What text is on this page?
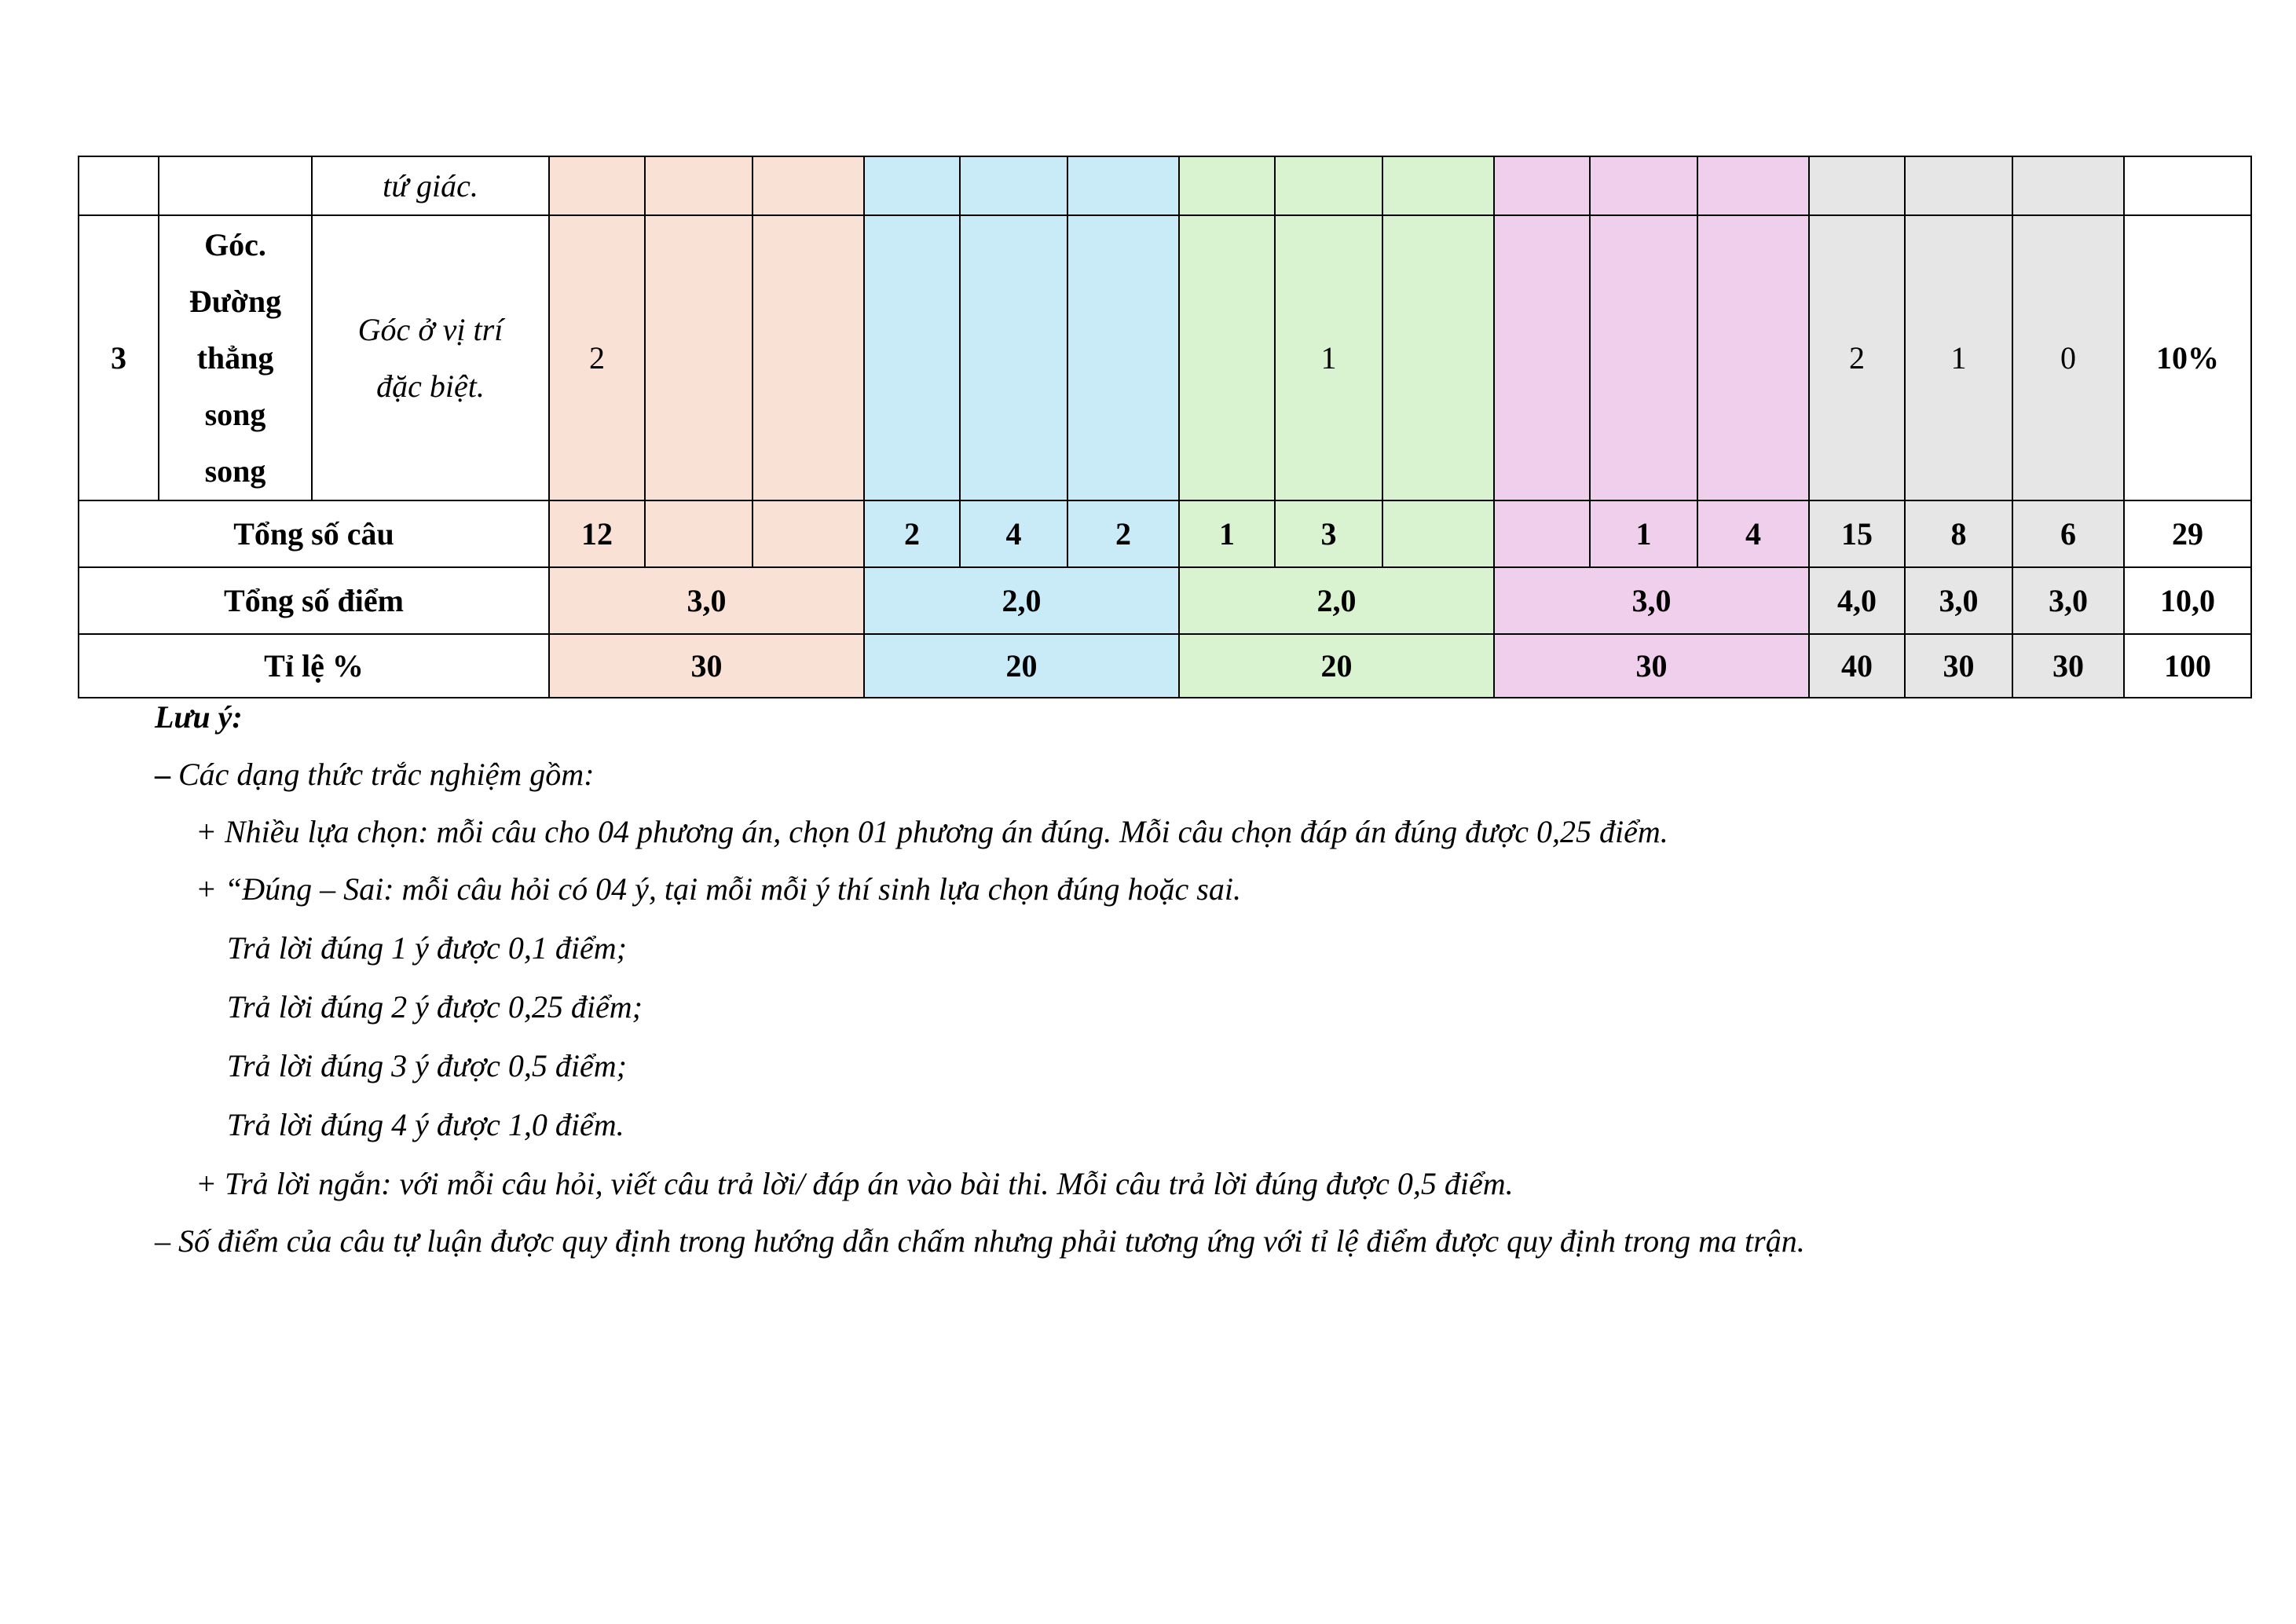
		tứ giác.																
3	Góc.
Đường
thẳng
song
song	Góc ở vị trí
đặc biệt.	2							1					2	1	0	10%
Tổng số câu			12			2	4	2	1	3			1	4	15	8	6	29
Tổng số điểm			3,0			2,0			2,0			3,0			4,0	3,0	3,0	10,0
Tỉ lệ %			30			20			20			30			40	30	30	100
Lưu ý:
– Các dạng thức trắc nghiệm gồm:
+ Nhiều lựa chọn: mỗi câu cho 04 phương án, chọn 01 phương án đúng. Mỗi câu chọn đáp án đúng được 0,25 điểm.
+ “Đúng – Sai: mỗi câu hỏi có 04 ý, tại mỗi mỗi ý thí sinh lựa chọn đúng hoặc sai.
Trả lời đúng 1 ý được 0,1 điểm;
Trả lời đúng 2 ý được 0,25 điểm;
Trả lời đúng 3 ý được 0,5 điểm;
Trả lời đúng 4 ý được 1,0 điểm.
+ Trả lời ngắn: với mỗi câu hỏi, viết câu trả lời/ đáp án vào bài thi. Mỗi câu trả lời đúng được 0,5 điểm.
– Số điểm của câu tự luận được quy định trong hướng dẫn chấm nhưng phải tương ứng với tỉ lệ điểm được quy định trong ma trận.
